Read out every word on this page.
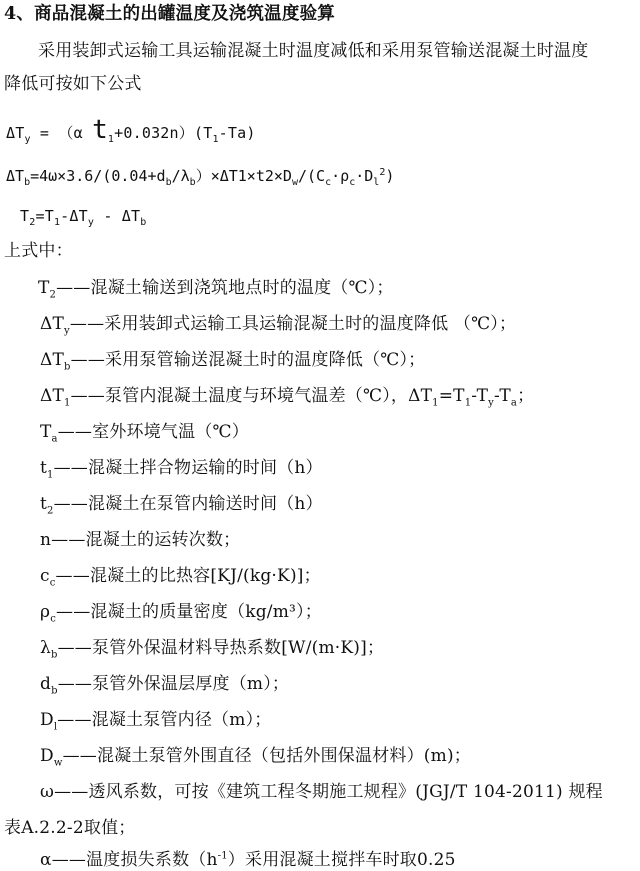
4、商品混凝土的出罐温度及浇筑温度验算
采用装卸式运输工具运输混凝土时温度减低和采用泵管输送混凝土时温度
降低可按如下公式
$\Delta T_y = (\alpha$ $t_1+0.032n)(T_1-Ta)$
$\Delta T_b=4\omega\times 3.6/(0.04+d_b/\lambda_b)\times\Delta T1\times t2\times D_w/(C_c\cdot\rho_c\cdot D_l^2)$
$T_2=T_1-\Delta T_y - \Delta T_b$
上式中：
$T_2——$混凝土输送到浇筑地点时的温度（℃）；
$\Delta T_y——$采用装卸式运输工具运输混凝土时的温度降低 （℃）；
$\Delta T_b——$采用泵管输送混凝土时的温度降低（℃）；
$\Delta T_1——$泵管内混凝土温度与环境气温差（℃），$\Delta T_1=T_1-T_y-T_a$；
$T_a——$室外环境气温（℃）
$t_1——$混凝土拌合物运输的时间（h）
$t_2——$混凝土在泵管内输送时间（h）
n——混凝土的运转次数；
$c_c——$混凝土的比热容[KJ/(kg·K)]；
$\rho_c——$混凝土的质量密度（kg/m³）；
$\lambda_b——$泵管外保温材料导热系数[W/(m·K)]；
$d_b——$泵管外保温层厚度（m）；
$D_l——$混凝土泵管内径（m）；
$D_w——$混凝土泵管外围直径（包括外围保温材料）(m)；
ω——透风系数，可按《建筑工程冬期施工规程》(JGJ/T 104-2011) 规程
表A.2.2-2取值；
α——温度损失系数$(h^{-1})$采用混凝土搅拌车时取0.25
